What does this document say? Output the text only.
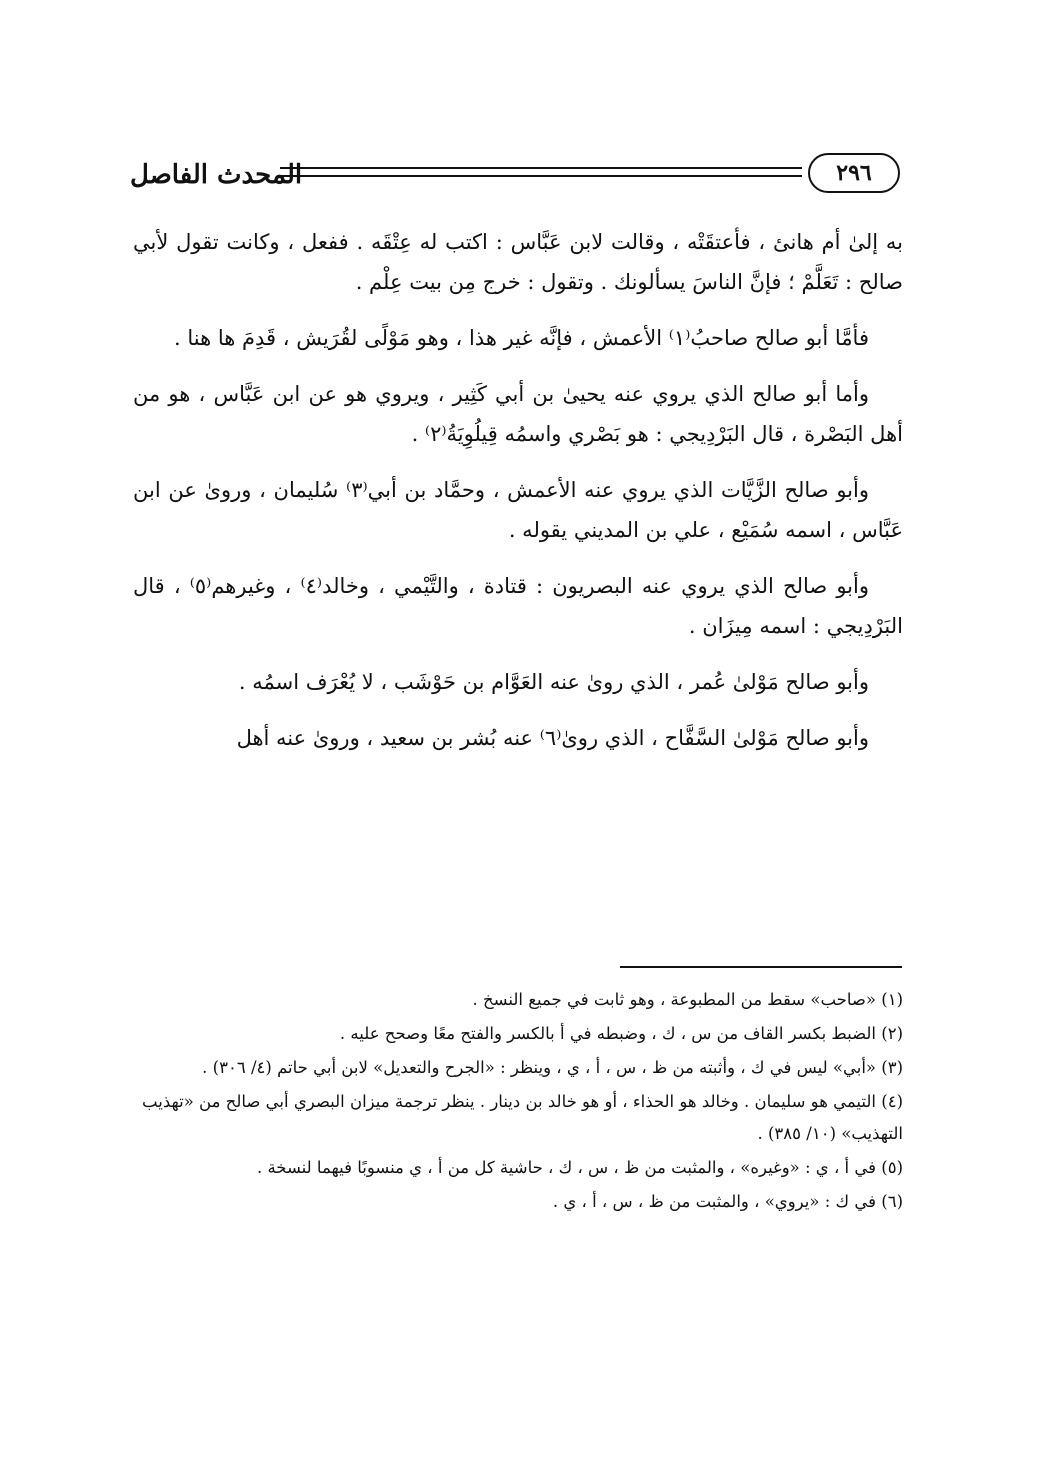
المحدث الفاصل	٢٩٦

به إلىٰ أم هانئ ، فأعتقَتْه ، وقالت لابن عَبَّاس : اكتب له عِتْقَه . ففعل ، وكانت تقول لأبي صالح : تَعَلَّمْ ؛ فإنَّ الناسَ يسألونك . وتقول : خرج مِن بيت عِلْم .

فأمَّا أبو صالح صاحبُ⁽١⁾ الأعمش ، فإنَّه غير هذا ، وهو مَوْلًى لقُرَيش ، قَدِمَ ها هنا .

وأما أبو صالح الذي يروي عنه يحيىٰ بن أبي كَثِير ، ويروي هو عن ابن عَبَّاس ، هو من أهل البَصْرة ، قال البَرْدِيجي : هو بَصْري واسمُه قِيلُوِيَةُ⁽٢⁾ .

وأبو صالح الزَّيَّات الذي يروي عنه الأعمش ، وحمَّاد بن أبي⁽٣⁾ سُليمان ، وروىٰ عن ابن عَبَّاس ، اسمه سُمَيْع ، علي بن المديني يقوله .

وأبو صالح الذي يروي عنه البصريون : قتادة ، والتَّيْمي ، وخالد⁽٤⁾ ، وغيرهم⁽٥⁾ ، قال البَرْدِيجي : اسمه مِيزَان .

وأبو صالح مَوْلىٰ عُمر ، الذي روىٰ عنه العَوَّام بن حَوْشَب ، لا يُعْرَف اسمُه .

وأبو صالح مَوْلىٰ السَّفَّاح ، الذي روىٰ⁽٦⁾ عنه بُشر بن سعيد ، وروىٰ عنه أهل

(١) «صاحب» سقط من المطبوعة ، وهو ثابت في جميع النسخ .
(٢) الضبط بكسر القاف من س ، ك ، وضبطه في أ بالكسر والفتح معًا وصحح عليه .
(٣) «أبي» ليس في ك ، وأثبته من ظ ، س ، أ ، ي ، وينظر : «الجرح والتعديل» لابن أبي حاتم (٤/ ٣٠٦) .
(٤) التيمي هو سليمان . وخالد هو الحذاء ، أو هو خالد بن دينار . ينظر ترجمة ميزان البصري أبي صالح من «تهذيب التهذيب» (١٠/ ٣٨٥) .
(٥) في أ ، ي : «وغيره» ، والمثبت من ظ ، س ، ك ، حاشية كل من أ ، ي منسوبًا فيهما لنسخة .
(٦) في ك : «يروي» ، والمثبت من ظ ، س ، أ ، ي .
